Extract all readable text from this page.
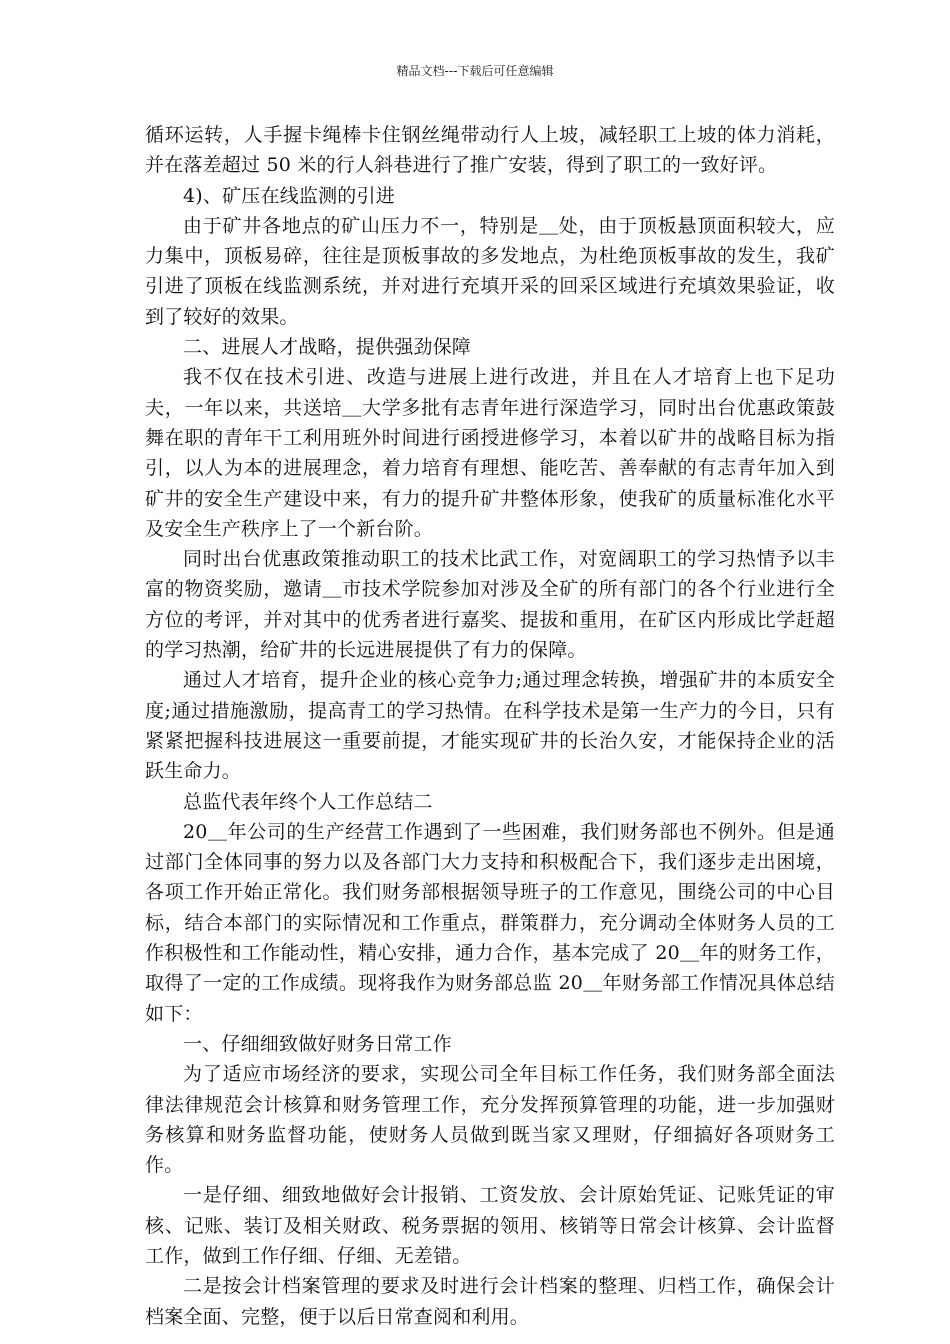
精品文档---下载后可任意编辑

循环运转，人手握卡绳棒卡住钢丝绳带动行人上坡，减轻职工上坡的体力消耗，并在落差超过 50 米的行人斜巷进行了推广安装，得到了职工的一致好评。

4)、矿压在线监测的引进

由于矿井各地点的矿山压力不一，特别是＿处，由于顶板悬顶面积较大，应力集中，顶板易碎，往往是顶板事故的多发地点，为杜绝顶板事故的发生，我矿引进了顶板在线监测系统，并对进行充填开采的回采区域进行充填效果验证，收到了较好的效果。

二、进展人才战略，提供强劲保障

我不仅在技术引进、改造与进展上进行改进，并且在人才培育上也下足功夫，一年以来，共送培＿大学多批有志青年进行深造学习，同时出台优惠政策鼓舞在职的青年干工利用班外时间进行函授进修学习，本着以矿井的战略目标为指引，以人为本的进展理念，着力培育有理想、能吃苦、善奉献的有志青年加入到矿井的安全生产建设中来，有力的提升矿井整体形象，使我矿的质量标准化水平及安全生产秩序上了一个新台阶。

同时出台优惠政策推动职工的技术比武工作，对宽阔职工的学习热情予以丰富的物资奖励，邀请＿市技术学院参加对涉及全矿的所有部门的各个行业进行全方位的考评，并对其中的优秀者进行嘉奖、提拔和重用，在矿区内形成比学赶超的学习热潮，给矿井的长远进展提供了有力的保障。

通过人才培育，提升企业的核心竞争力;通过理念转换，增强矿井的本质安全度;通过措施激励，提高青工的学习热情。在科学技术是第一生产力的今日，只有紧紧把握科技进展这一重要前提，才能实现矿井的长治久安，才能保持企业的活跃生命力。

总监代表年终个人工作总结二

20＿年公司的生产经营工作遇到了一些困难，我们财务部也不例外。但是通过部门全体同事的努力以及各部门大力支持和积极配合下，我们逐步走出困境，各项工作开始正常化。我们财务部根据领导班子的工作意见，围绕公司的中心目标，结合本部门的实际情况和工作重点，群策群力，充分调动全体财务人员的工作积极性和工作能动性，精心安排，通力合作，基本完成了 20＿年的财务工作，取得了一定的工作成绩。现将我作为财务部总监 20＿年财务部工作情况具体总结如下：

一、仔细细致做好财务日常工作

为了适应市场经济的要求，实现公司全年目标工作任务，我们财务部全面法律法律规范会计核算和财务管理工作，充分发挥预算管理的功能，进一步加强财务核算和财务监督功能，使财务人员做到既当家又理财，仔细搞好各项财务工作。

一是仔细、细致地做好会计报销、工资发放、会计原始凭证、记账凭证的审核、记账、装订及相关财政、税务票据的领用、核销等日常会计核算、会计监督工作，做到工作仔细、仔细、无差错。

二是按会计档案管理的要求及时进行会计档案的整理、归档工作，确保会计档案全面、完整，便于以后日常查阅和利用。
